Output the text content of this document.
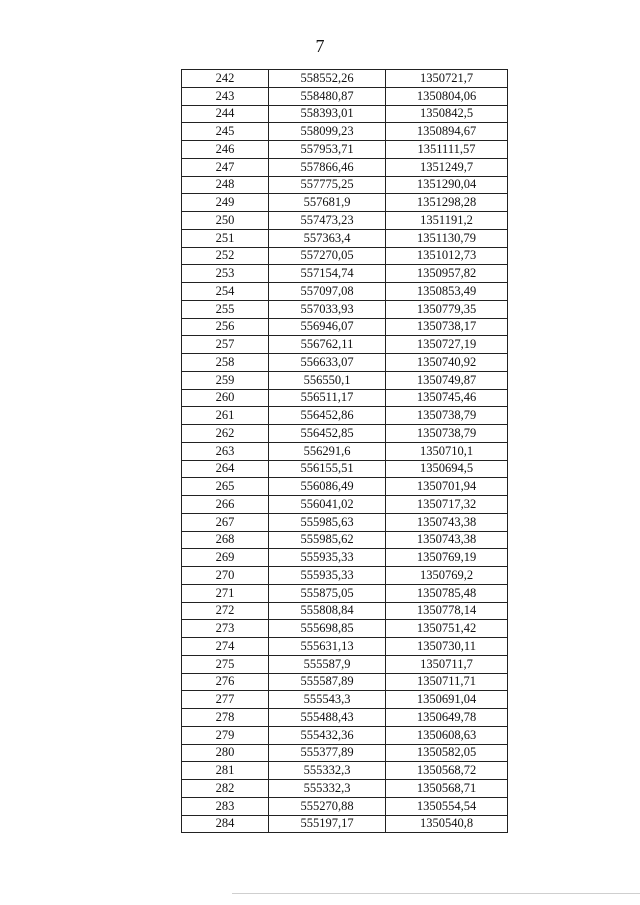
7
242	558552,26	1350721,7
243	558480,87	1350804,06
244	558393,01	1350842,5
245	558099,23	1350894,67
246	557953,71	1351111,57
247	557866,46	1351249,7
248	557775,25	1351290,04
249	557681,9	1351298,28
250	557473,23	1351191,2
251	557363,4	1351130,79
252	557270,05	1351012,73
253	557154,74	1350957,82
254	557097,08	1350853,49
255	557033,93	1350779,35
256	556946,07	1350738,17
257	556762,11	1350727,19
258	556633,07	1350740,92
259	556550,1	1350749,87
260	556511,17	1350745,46
261	556452,86	1350738,79
262	556452,85	1350738,79
263	556291,6	1350710,1
264	556155,51	1350694,5
265	556086,49	1350701,94
266	556041,02	1350717,32
267	555985,63	1350743,38
268	555985,62	1350743,38
269	555935,33	1350769,19
270	555935,33	1350769,2
271	555875,05	1350785,48
272	555808,84	1350778,14
273	555698,85	1350751,42
274	555631,13	1350730,11
275	555587,9	1350711,7
276	555587,89	1350711,71
277	555543,3	1350691,04
278	555488,43	1350649,78
279	555432,36	1350608,63
280	555377,89	1350582,05
281	555332,3	1350568,72
282	555332,3	1350568,71
283	555270,88	1350554,54
284	555197,17	1350540,8
